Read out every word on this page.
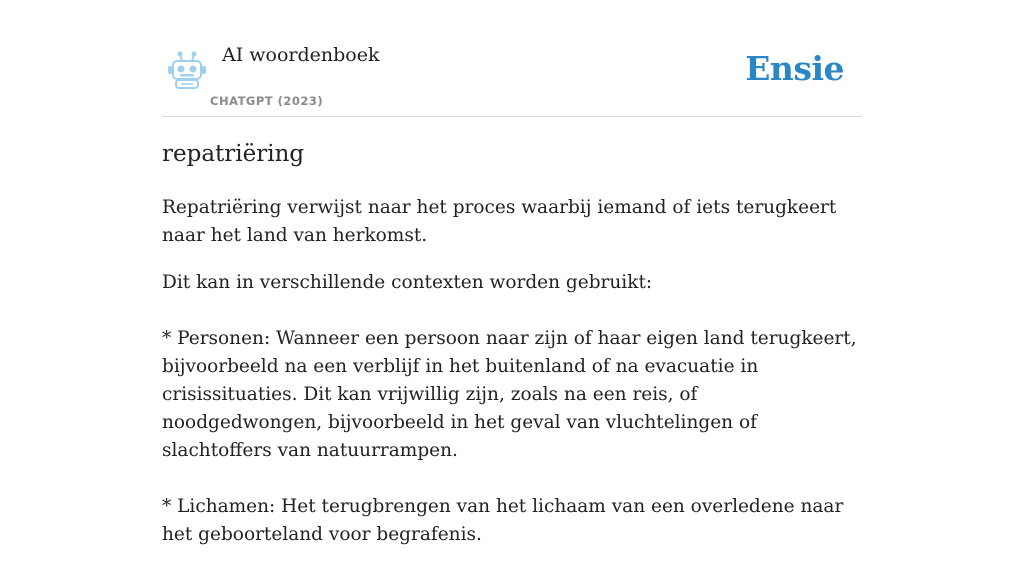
AI woordenboek
CHATGPT (2023)
Ensie
repatriëring

Repatriëring verwijst naar het proces waarbij iemand of iets terugkeert naar het land van herkomst.

Dit kan in verschillende contexten worden gebruikt:

* Personen: Wanneer een persoon naar zijn of haar eigen land terugkeert, bijvoorbeeld na een verblijf in het buitenland of na evacuatie in crisissituaties. Dit kan vrijwillig zijn, zoals na een reis, of noodgedwongen, bijvoorbeeld in het geval van vluchtelingen of slachtoffers van natuurrampen.

* Lichamen: Het terugbrengen van het lichaam van een overledene naar het geboorteland voor begrafenis.
